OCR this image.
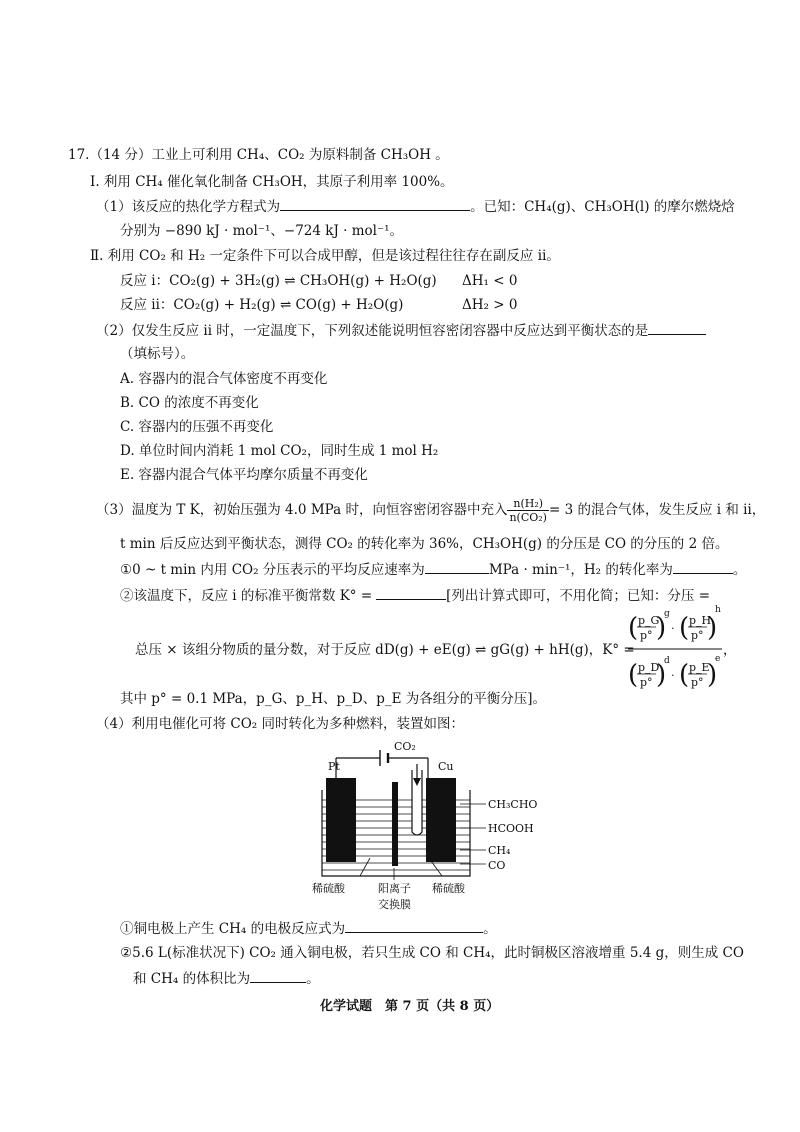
17.（14 分）工业上可利用 CH₄、CO₂ 为原料制备 CH₃OH 。
Ⅰ. 利用 CH₄ 催化氧化制备 CH₃OH，其原子利用率 100%。
（1）该反应的热化学方程式为	。已知：CH₄(g)、CH₃OH(l) 的摩尔燃烧焓
分别为 −890 kJ · mol⁻¹、−724 kJ · mol⁻¹。
Ⅱ. 利用 CO₂ 和 H₂ 一定条件下可以合成甲醇，但是该过程往往存在副反应 ⅱ。
反应 ⅰ：CO₂(g) + 3H₂(g) ⇌ CH₃OH(g) + H₂O(g) ΔH₁ < 0
反应 ⅱ：CO₂(g) + H₂(g) ⇌ CO(g) + H₂O(g)	ΔH₂ > 0
（2）仅发生反应 ⅱ 时，一定温度下，下列叙述能说明恒容密闭容器中反应达到平衡状态的是
（填标号）。
A. 容器内的混合气体密度不再变化
B. CO 的浓度不再变化
C. 容器内的压强不再变化
D. 单位时间内消耗 1 mol CO₂，同时生成 1 mol H₂
E. 容器内混合气体平均摩尔质量不再变化
（3）温度为 T K，初始压强为 4.0 MPa 时，向恒容密闭容器中充入 $\frac{\text{n(H₂)}}{\text{n(CO₂)}} = 3$ 的混合气体，发生反应 ⅰ 和 ⅱ，
t min 后反应达到平衡状态，测得 CO₂ 的转化率为 36%，CH₃OH(g) 的分压是 CO 的分压的 2 倍。
①0 ~ t min 内用 CO₂ 分压表示的平均反应速率为	MPa · min⁻¹，H₂ 的转化率为	。
②该温度下，反应 ⅰ 的标准平衡常数 K° =	[列出计算式即可，不用化简；已知：分压 =
总压 × 该组分物质的量分数，对于反应 dD(g) + eE(g) ⇌ gG(g) + hH(g)，K° =
( p_G
p° )
g
· ( p_H
p° )
h
( p_D
p° )
d
· ( p_E
p° )
e
，
其中 p° = 0.1 MPa，p_G、p_H、p_D、p_E 为各组分的平衡分压]。
（4）利用电催化可将 CO₂ 同时转化为多种燃料，装置如图：
Pt
CO₂
Cu
CH₃CHO
HCOOH
CH₄
CO
稀硫酸	阳离子
交换膜
稀硫酸
①铜电极上产生 CH₄ 的电极反应式为	。
②5.6 L(标准状况下) CO₂ 通入铜电极，若只生成 CO 和 CH₄，此时铜极区溶液增重 5.4 g，则生成 CO
和 CH₄ 的体积比为	。
化学试题　第 7 页（共 8 页）
